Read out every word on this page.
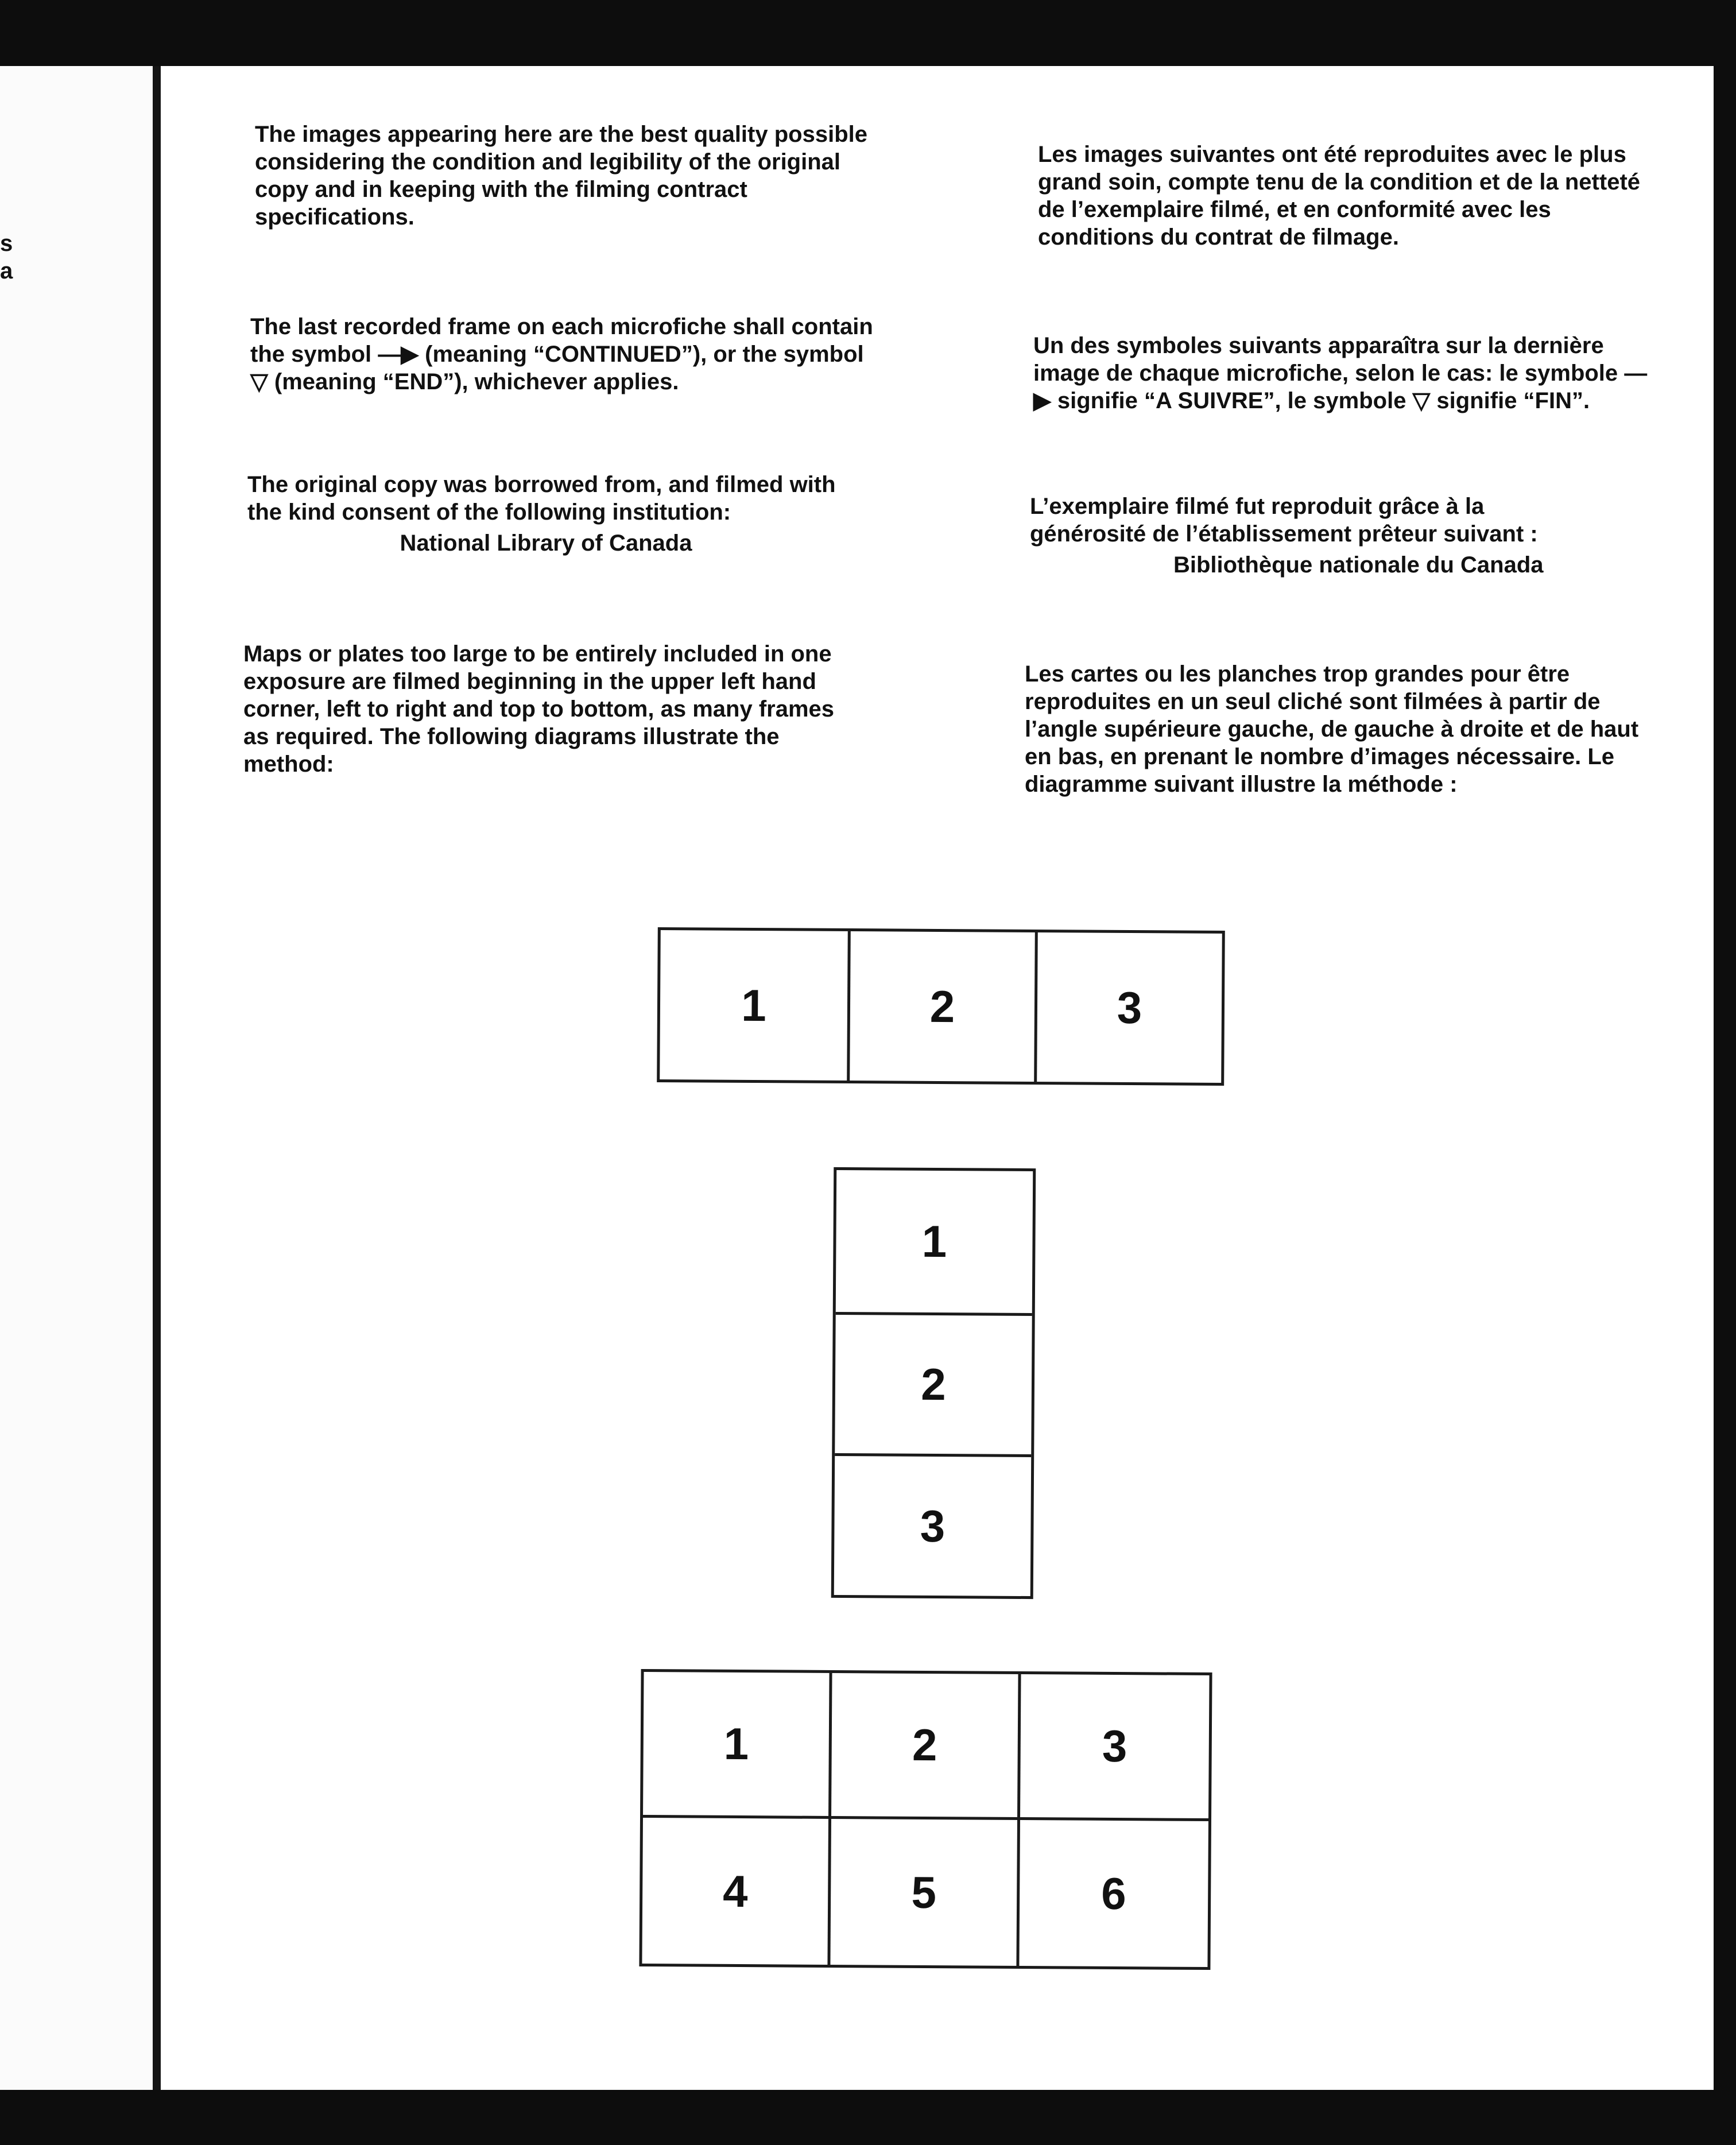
s
a

The images appearing here are the best quality possible considering the condition and legibility of the original copy and in keeping with the filming contract specifications.

The last recorded frame on each microfiche shall contain the symbol —▶ (meaning “CONTINUED”), or the symbol ▽ (meaning “END”), whichever applies.

The original copy was borrowed from, and filmed with the kind consent of the following institution:

National Library of Canada

Maps or plates too large to be entirely included in one exposure are filmed beginning in the upper left hand corner, left to right and top to bottom, as many frames as required. The following diagrams illustrate the method:

Les images suivantes ont été reproduites avec le plus grand soin, compte tenu de la condition et de la netteté de l’exemplaire filmé, et en conformité avec les conditions du contrat de filmage.

Un des symboles suivants apparaîtra sur la dernière image de chaque microfiche, selon le cas: le symbole —▶ signifie “A SUIVRE”, le symbole ▽ signifie “FIN”.

L’exemplaire filmé fut reproduit grâce à la générosité de l’établissement prêteur suivant :

Bibliothèque nationale du Canada

Les cartes ou les planches trop grandes pour être reproduites en un seul cliché sont filmées à partir de l’angle supérieure gauche, de gauche à droite et de haut en bas, en prenant le nombre d’images nécessaire. Le diagramme suivant illustre la méthode :

1	2	3
1
2
3
1	2	3
4	5	6
